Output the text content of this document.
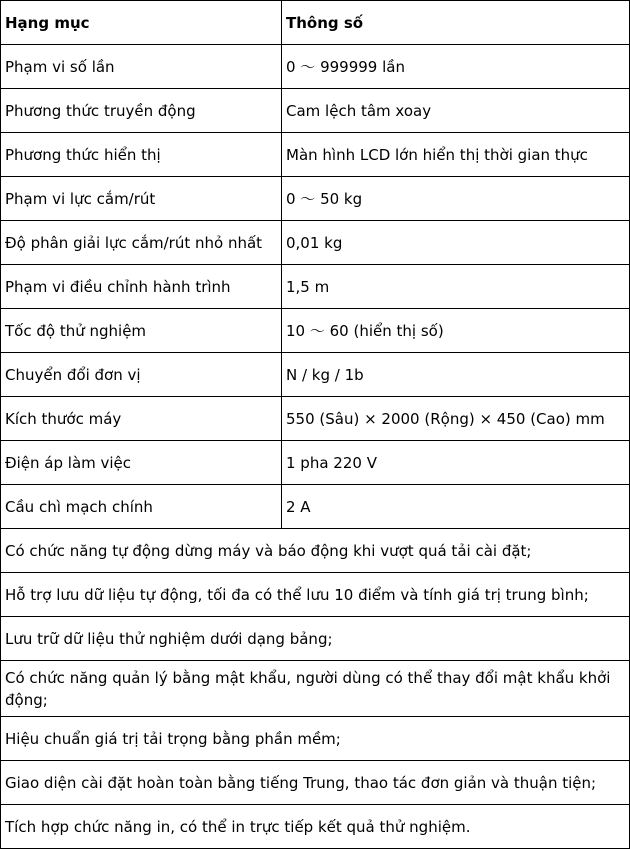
Hạng mục	Thông số
Phạm vi số lần	0 ～ 999999 lần
Phương thức truyền động	Cam lệch tâm xoay
Phương thức hiển thị	Màn hình LCD lớn hiển thị thời gian thực
Phạm vi lực cắm/rút	0 ～ 50 kg
Độ phân giải lực cắm/rút nhỏ nhất	0,01 kg
Phạm vi điều chỉnh hành trình	1,5 m
Tốc độ thử nghiệm	10 ～ 60 (hiển thị số)
Chuyển đổi đơn vị	N / kg / 1b
Kích thước máy	550 (Sâu) × 2000 (Rộng) × 450 (Cao) mm
Điện áp làm việc	1 pha 220 V
Cầu chì mạch chính	2 A
Có chức năng tự động dừng máy và báo động khi vượt quá tải cài đặt;	
Hỗ trợ lưu dữ liệu tự động, tối đa có thể lưu 10 điểm và tính giá trị trung bình;	
Lưu trữ dữ liệu thử nghiệm dưới dạng bảng;	
Có chức năng quản lý bằng mật khẩu, người dùng có thể thay đổi mật khẩu khởi động;	
Hiệu chuẩn giá trị tải trọng bằng phần mềm;	
Giao diện cài đặt hoàn toàn bằng tiếng Trung, thao tác đơn giản và thuận tiện;	
Tích hợp chức năng in, có thể in trực tiếp kết quả thử nghiệm.	
